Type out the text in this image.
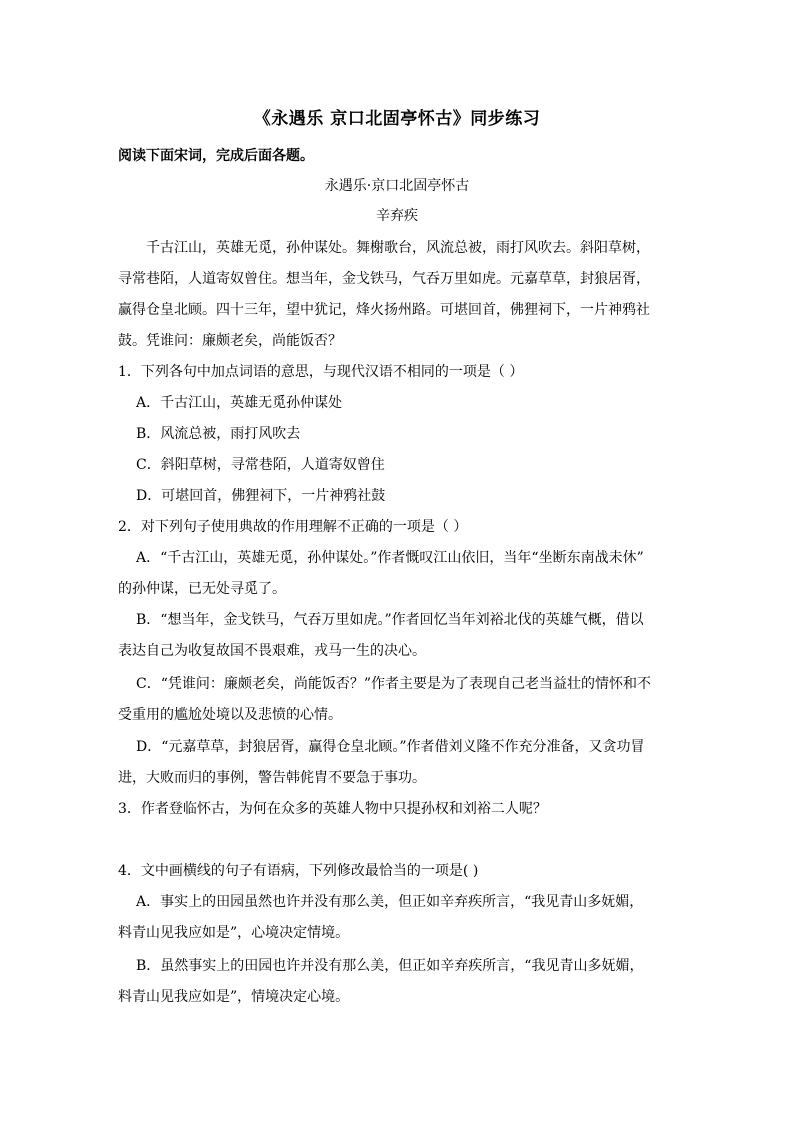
《永遇乐 京口北固亭怀古》同步练习
阅读下面宋词，完成后面各题。
永遇乐·京口北固亭怀古
辛弃疾
千古江山，英雄无觅，孙仲谋处。舞榭歌台，风流总被，雨打风吹去。斜阳草树，
寻常巷陌，人道寄奴曾住。想当年，金戈铁马，气吞万里如虎。元嘉草草，封狼居胥，
赢得仓皇北顾。四十三年，望中犹记，烽火扬州路。可堪回首，佛狸祠下，一片神鸦社
鼓。凭谁问：廉颇老矣，尚能饭否？
1．下列各句中加点词语的意思，与现代汉语不相同的一项是（ ）
A．千古江山，英雄无觅孙仲谋处
B．风流总被，雨打风吹去
C．斜阳草树，寻常巷陌，人道寄奴曾住
D．可堪回首，佛狸祠下，一片神鸦社鼓
2．对下列句子使用典故的作用理解不正确的一项是（ ）
A．“千古江山，英雄无觅，孙仲谋处。”作者慨叹江山依旧，当年“坐断东南战未休”
的孙仲谋，已无处寻觅了。
B．“想当年，金戈铁马，气吞万里如虎。”作者回忆当年刘裕北伐的英雄气概，借以
表达自己为收复故国不畏艰难，戎马一生的决心。
C．“凭谁问：廉颇老矣，尚能饭否？”作者主要是为了表现自己老当益壮的情怀和不
受重用的尴尬处境以及悲愤的心情。
D．“元嘉草草，封狼居胥，赢得仓皇北顾。”作者借刘义隆不作充分准备，又贪功冒
进，大败而归的事例，警告韩侂胄不要急于事功。
3．作者登临怀古，为何在众多的英雄人物中只提孙权和刘裕二人呢？
4．文中画横线的句子有语病，下列修改最恰当的一项是( )
A．事实上的田园虽然也许并没有那么美，但正如辛弃疾所言，“我见青山多妩媚，
料青山见我应如是”，心境决定情境。
B．虽然事实上的田园也许并没有那么美，但正如辛弃疾所言，“我见青山多妩媚，
料青山见我应如是”，情境决定心境。
